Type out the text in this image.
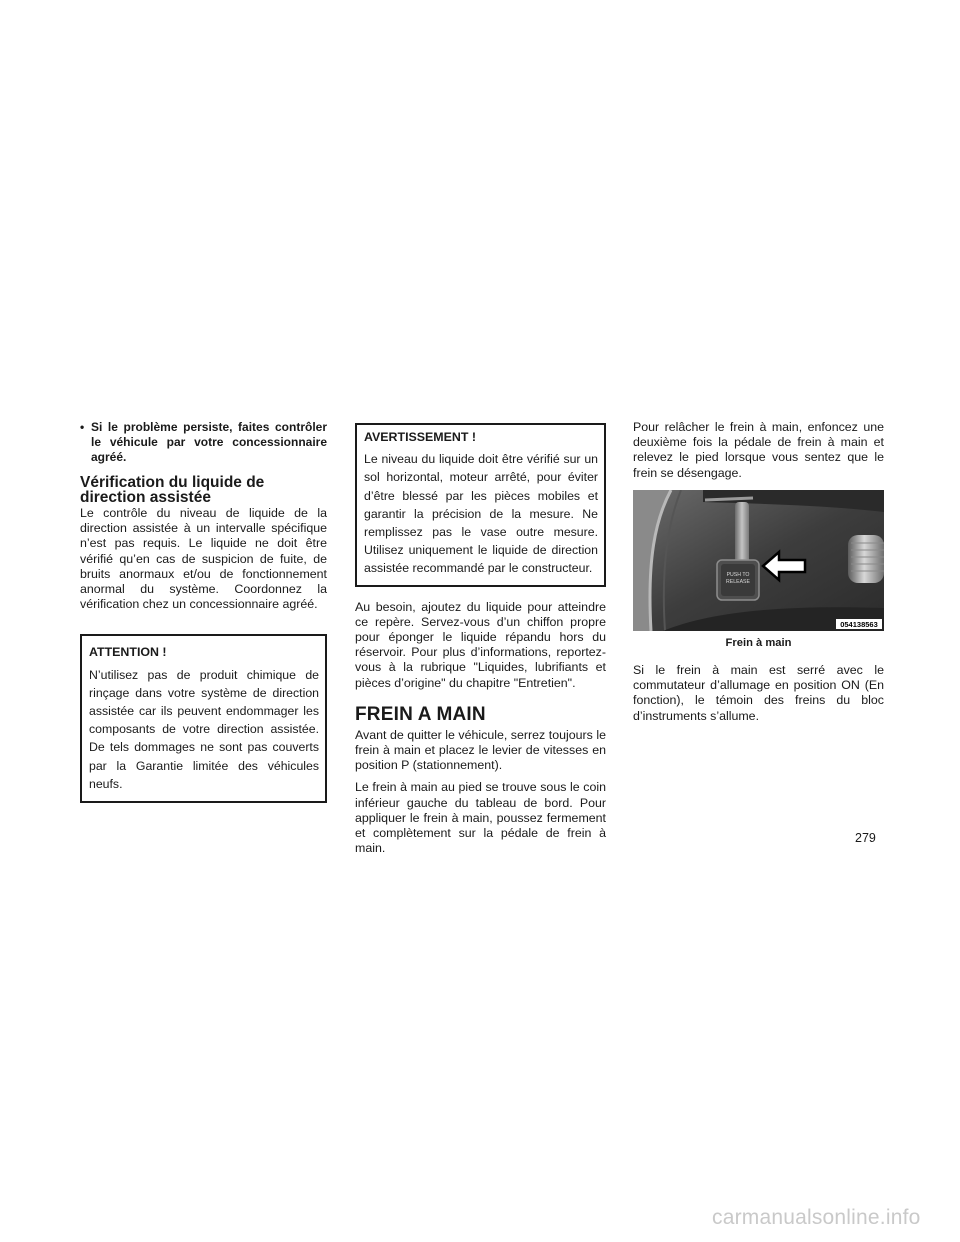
• Si le problème persiste, faites contrôler le véhicule par votre concessionnaire agréé.
Vérification du liquide de direction assistée

Le contrôle du niveau de liquide de la direction assistée à un intervalle spécifique n’est pas requis. Le liquide ne doit être vérifié qu’en cas de suspicion de fuite, de bruits anormaux et/ou de fonctionnement anormal du système. Coordonnez la vérification chez un concessionnaire agréé.

ATTENTION !

N’utilisez pas de produit chimique de rinçage dans votre système de direction assistée car ils peuvent endommager les composants de votre direction assistée. De tels dommages ne sont pas couverts par la Garantie limitée des véhicules neufs.

AVERTISSEMENT !

Le niveau du liquide doit être vérifié sur un sol horizontal, moteur arrêté, pour éviter d’être blessé par les pièces mobiles et garantir la précision de la mesure. Ne remplissez pas le vase outre mesure. Utilisez uniquement le liquide de direction assistée recommandé par le constructeur.

Au besoin, ajoutez du liquide pour atteindre ce repère. Servez-vous d’un chiffon propre pour éponger le liquide répandu hors du réservoir. Pour plus d’informations, reportez-vous à la rubrique "Liquides, lubrifiants et pièces d’origine" du chapitre "Entretien".

FREIN A MAIN

Avant de quitter le véhicule, serrez toujours le frein à main et placez le levier de vitesses en position P (stationnement).

Le frein à main au pied se trouve sous le coin inférieur gauche du tableau de bord. Pour appliquer le frein à main, poussez fermement et complètement sur la pédale de frein à main.

Pour relâcher le frein à main, enfoncez une deuxième fois la pédale de frein à main et relevez le pied lorsque vous sentez que le frein se désengage.

PUSH TO
RELEASE
054138563
Frein à main

Si le frein à main est serré avec le commutateur d’allumage en position ON (En fonction), le témoin des freins du bloc d’instruments s’allume.

279
carmanualsonline.info
